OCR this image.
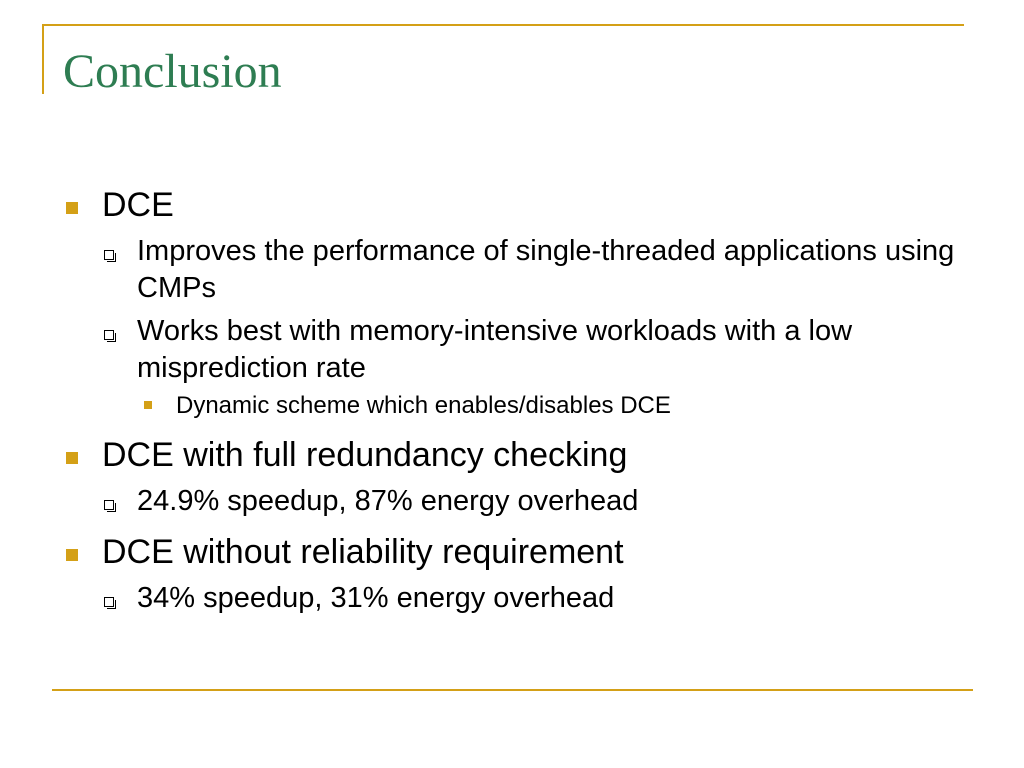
Conclusion
DCE
Improves the performance of single-threaded applications using CMPs
Works best with memory-intensive workloads with a low misprediction rate
Dynamic scheme which enables/disables DCE
DCE with full redundancy checking
24.9% speedup, 87% energy overhead
DCE without reliability requirement
34% speedup, 31% energy overhead
